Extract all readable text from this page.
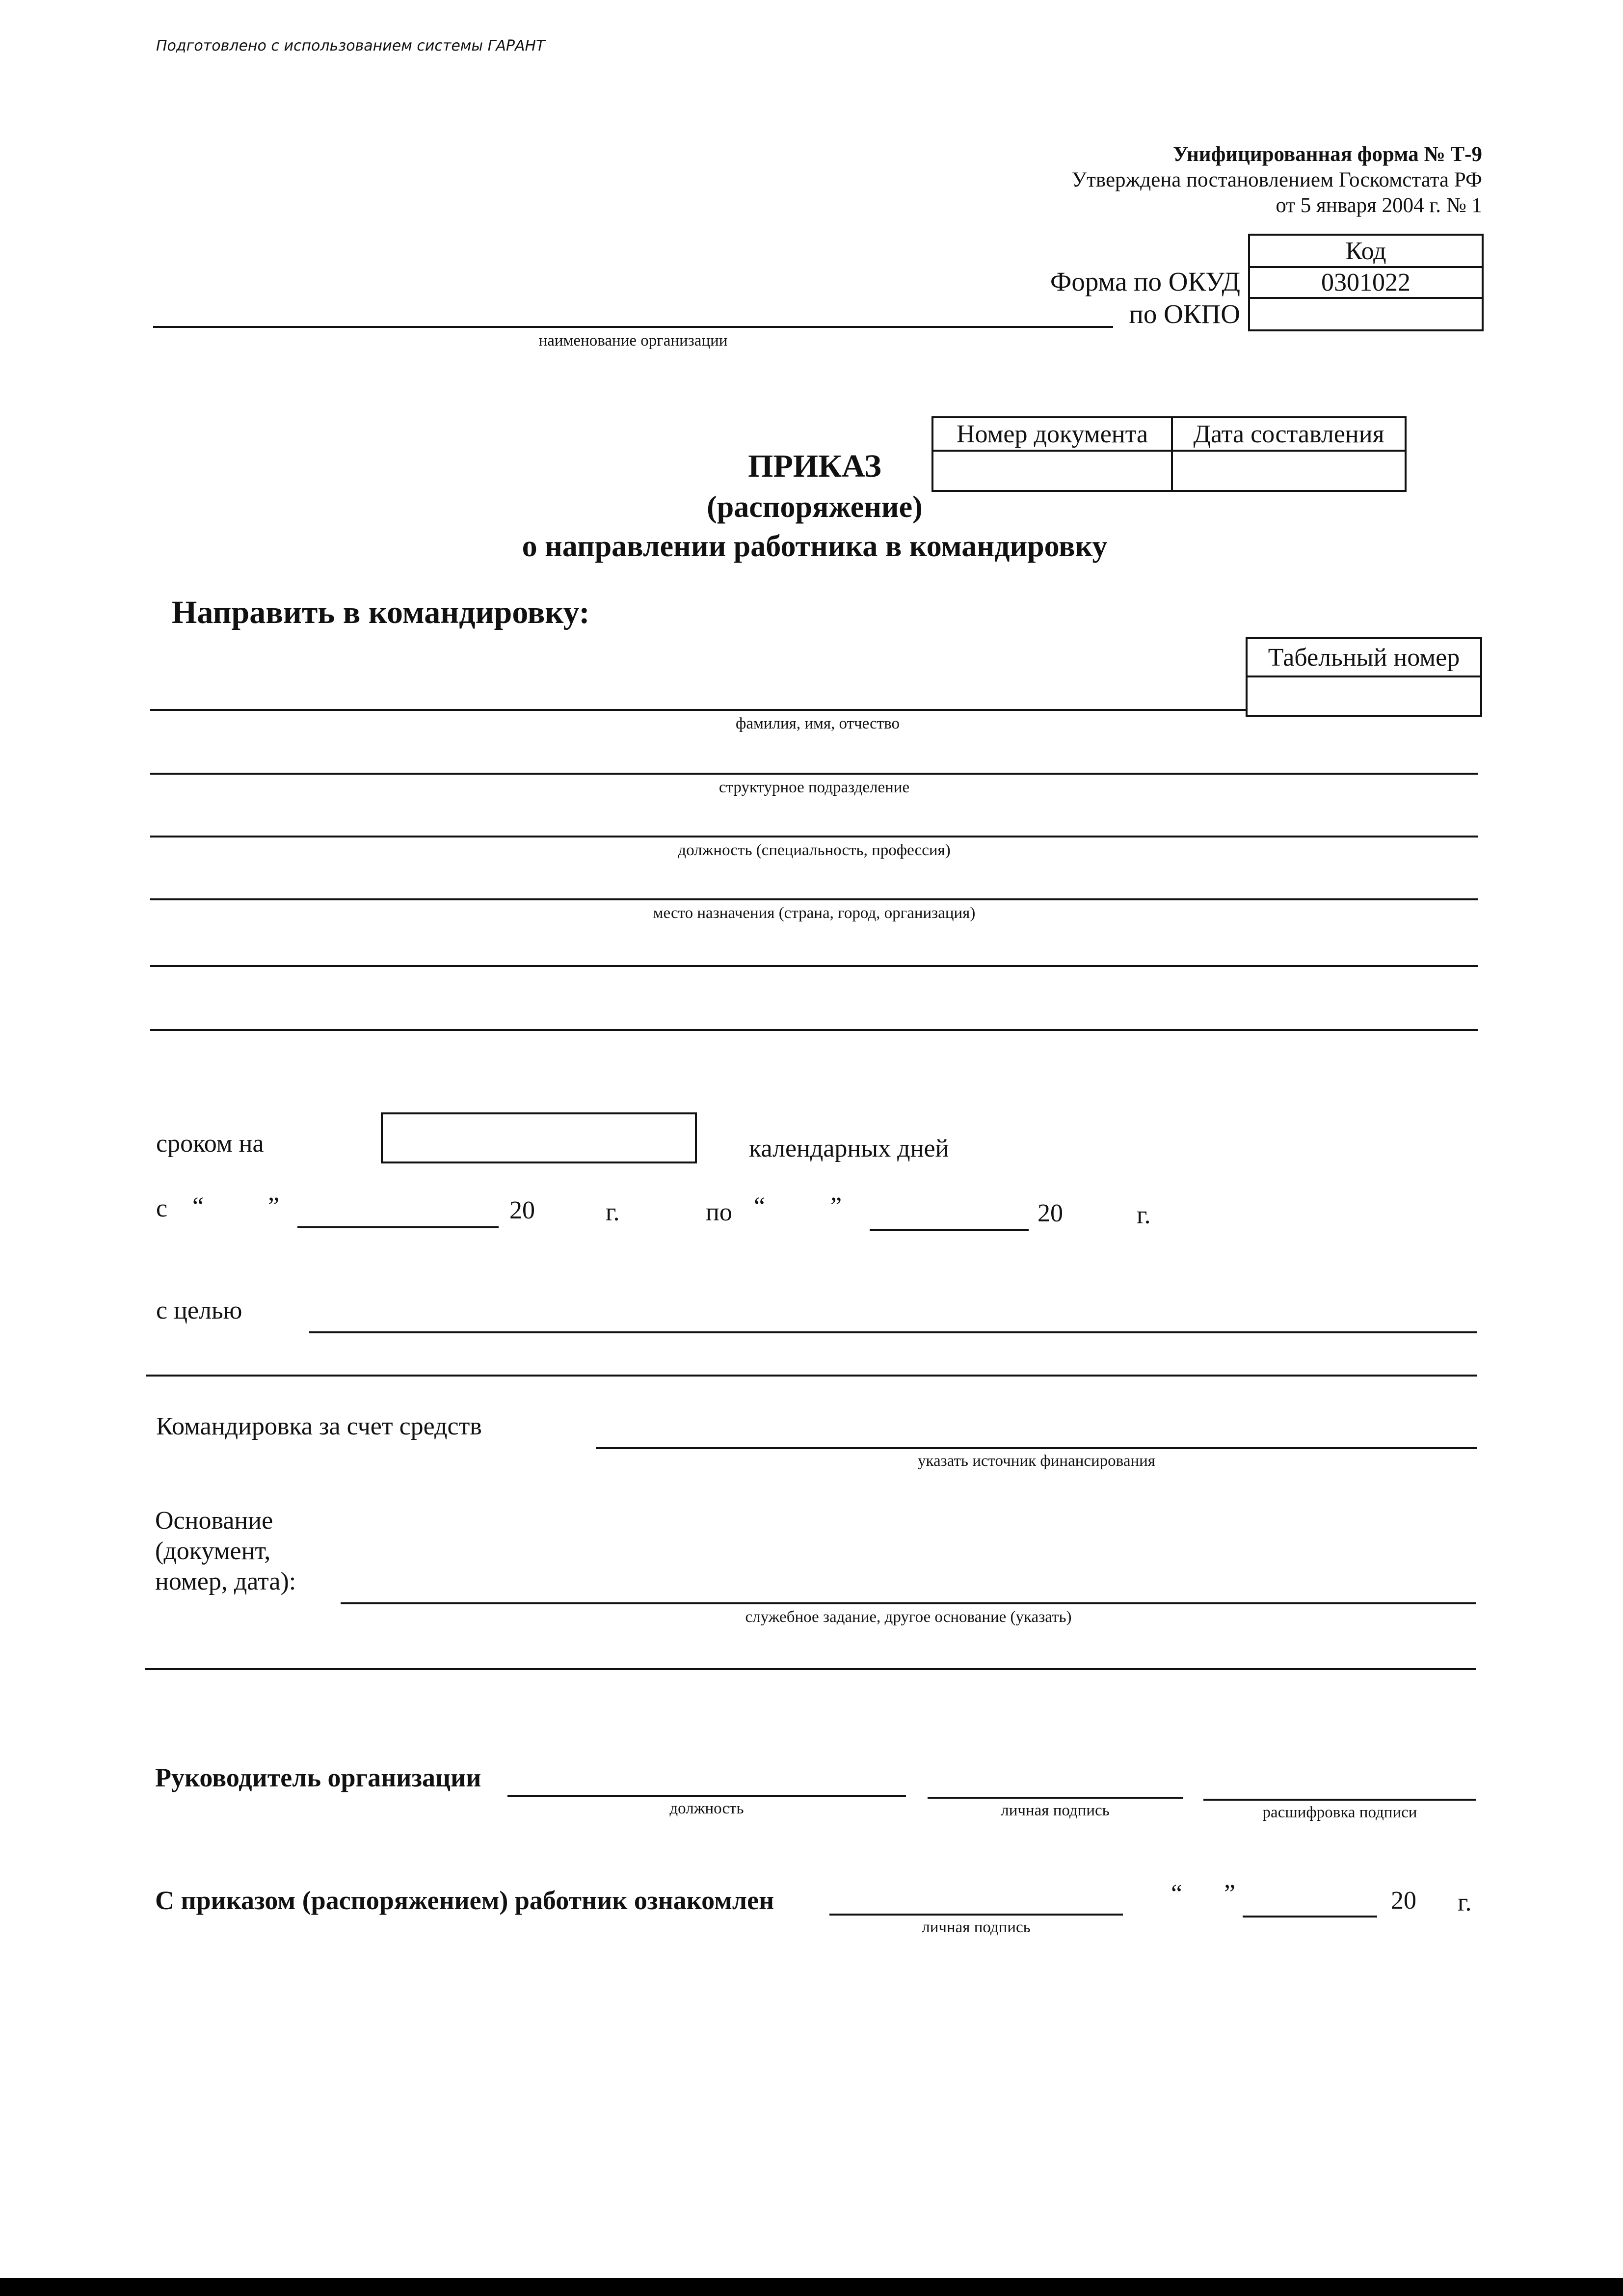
Подготовлено с использованием системы ГАРАНТ
Унифицированная форма № Т-9
Утверждена постановлением Госкомстата РФ
от 5 января 2004 г. № 1
Код
0301022

Форма по ОКУД
по ОКПО
наименование организации
Номер документа	Дата составления

ПРИКАЗ
(распоряжение)
о направлении работника в командировку
Направить в командировку:
Табельный номер

фамилия, имя, отчество
структурное подразделение
должность (специальность, профессия)
место назначения (страна, город, организация)
сроком на	календарных дней
с “	”	20	г.	по “	”	20	г.
с целью
Командировка за счет средств
указать источник финансирования
Основание
(документ,
номер, дата):
служебное задание, другое основание (указать)
Руководитель организации
должность	личная подпись	расшифровка подписи
С приказом (распоряжением) работник ознакомлен
личная подпись
“ ”	20 г.
